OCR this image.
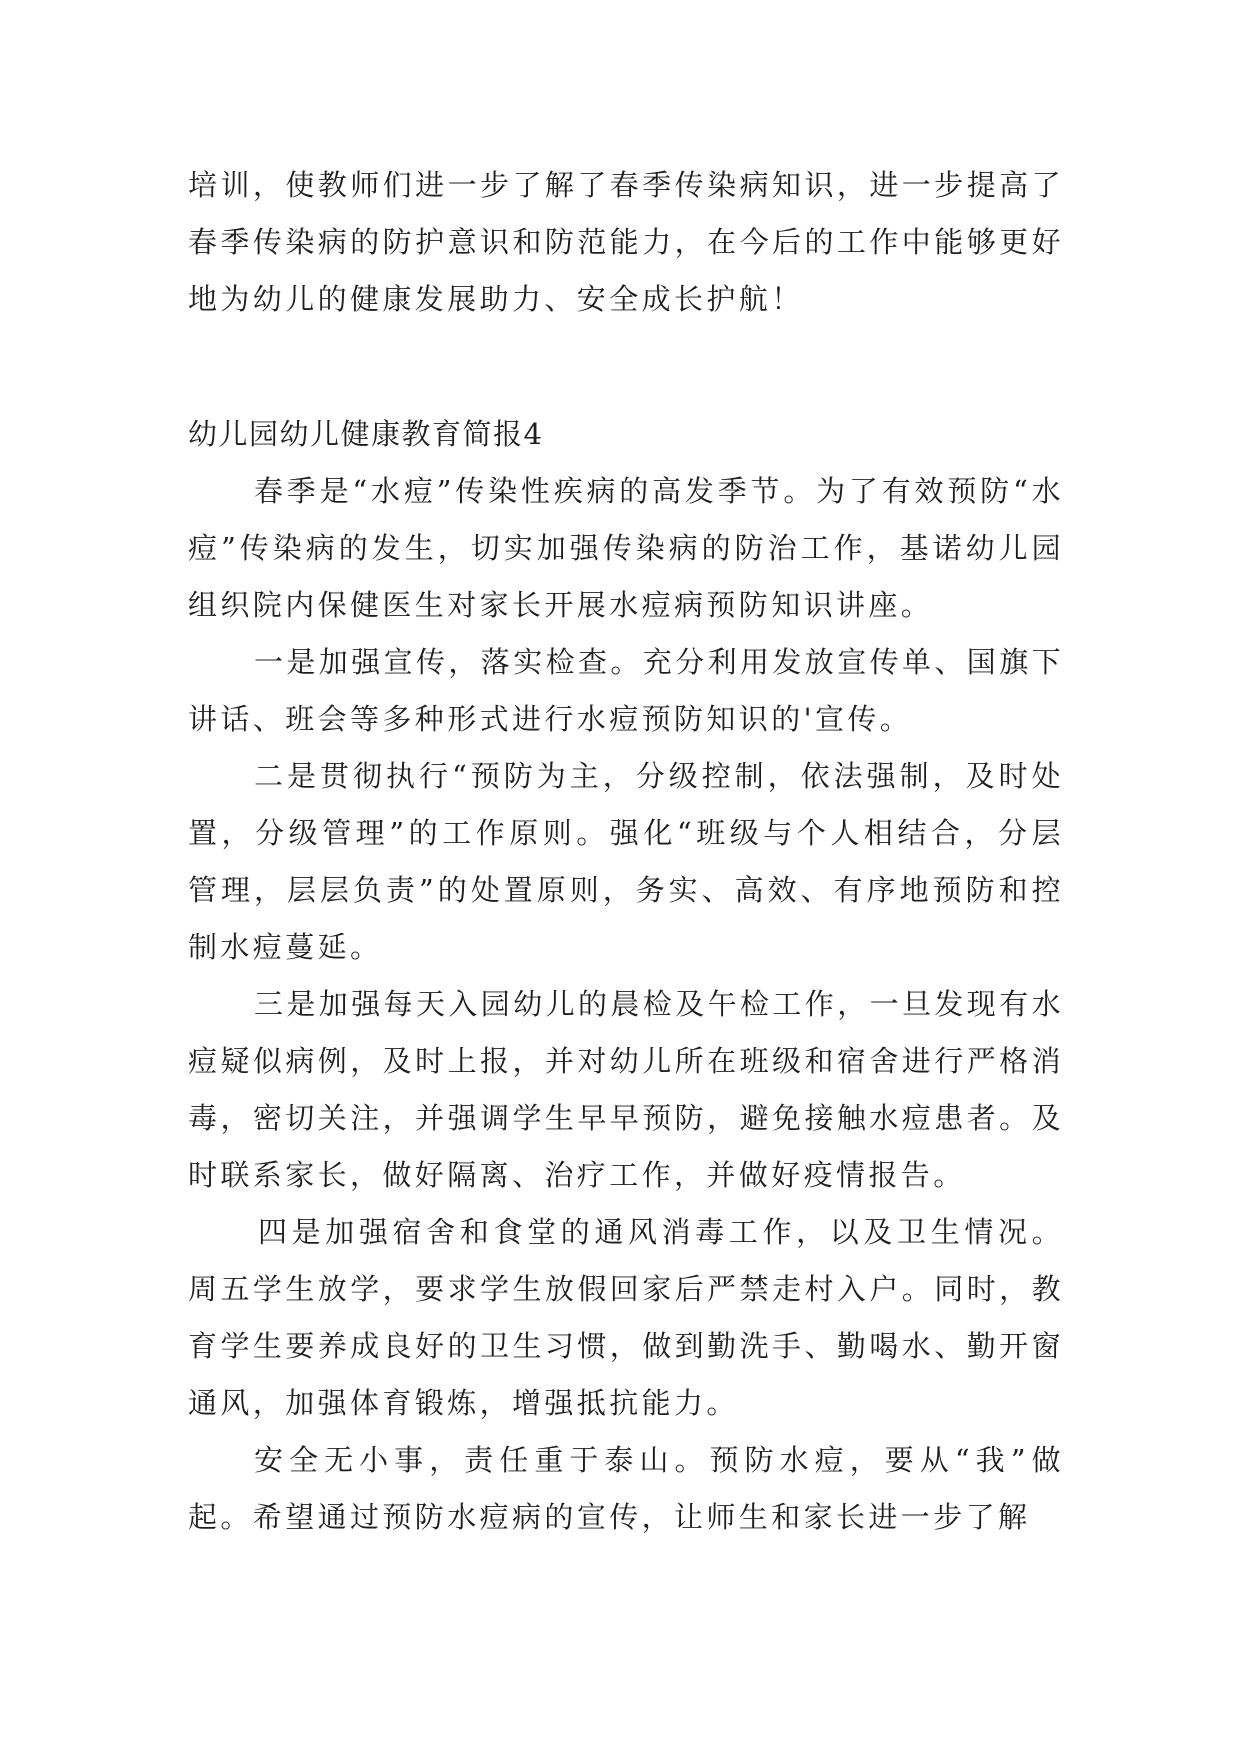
培训，使教师们进一步了解了春季传染病知识，进一步提高了春季传染病的防护意识和防范能力，在今后的工作中能够更好地为幼儿的健康发展助力、安全成长护航！

幼儿园幼儿健康教育简报4

春季是“水痘”传染性疾病的高发季节。为了有效预防“水痘”传染病的发生，切实加强传染病的防治工作，基诺幼儿园组织院内保健医生对家长开展水痘病预防知识讲座。

一是加强宣传，落实检查。充分利用发放宣传单、国旗下讲话、班会等多种形式进行水痘预防知识的'宣传。

二是贯彻执行“预防为主，分级控制，依法强制，及时处置，分级管理”的工作原则。强化“班级与个人相结合，分层管理，层层负责”的处置原则，务实、高效、有序地预防和控制水痘蔓延。

三是加强每天入园幼儿的晨检及午检工作，一旦发现有水痘疑似病例，及时上报，并对幼儿所在班级和宿舍进行严格消毒，密切关注，并强调学生早早预防，避免接触水痘患者。及时联系家长，做好隔离、治疗工作，并做好疫情报告。

四是加强宿舍和食堂的通风消毒工作，以及卫生情况。周五学生放学，要求学生放假回家后严禁走村入户。同时，教育学生要养成良好的卫生习惯，做到勤洗手、勤喝水、勤开窗通风，加强体育锻炼，增强抵抗能力。

安全无小事，责任重于泰山。预防水痘，要从“我”做起。希望通过预防水痘病的宣传，让师生和家长进一步了解
